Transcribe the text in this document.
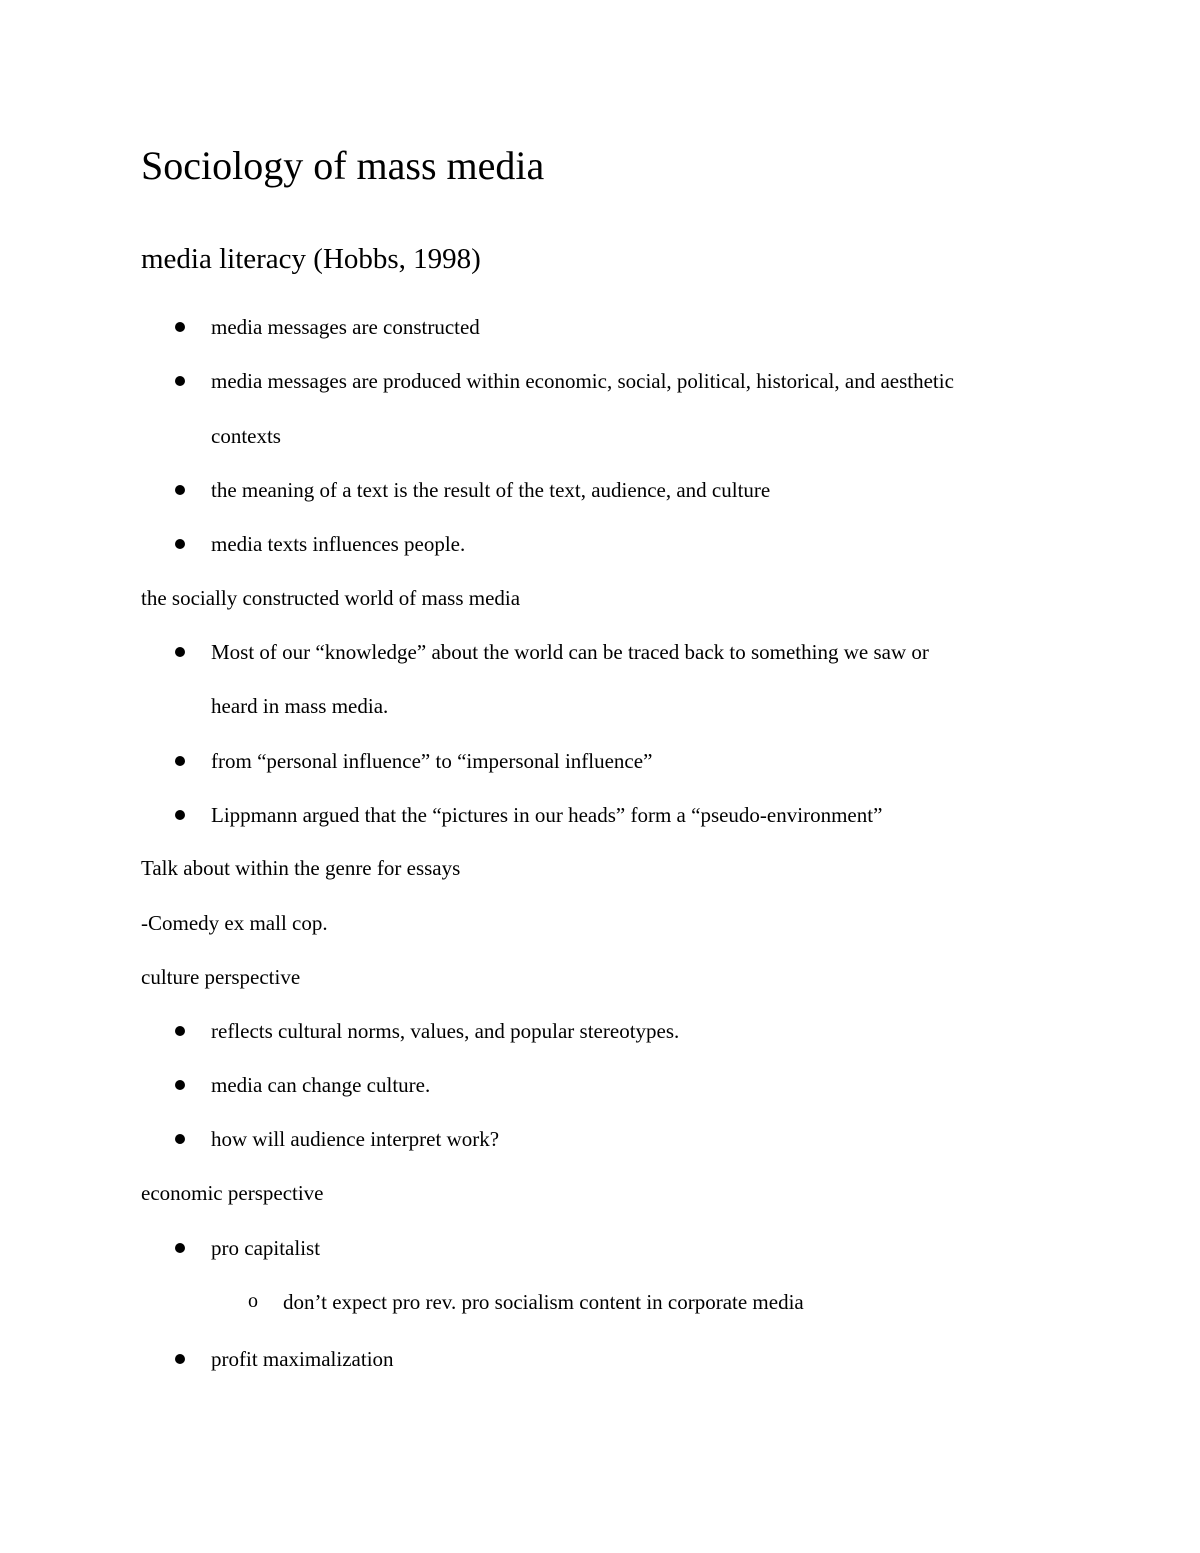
Sociology of mass media
media literacy (Hobbs, 1998)
media messages are constructed
media messages are produced within economic, social, political, historical, and aesthetic
contexts
the meaning of a text is the result of the text, audience, and culture
media texts influences people.
the socially constructed world of mass media
Most of our “knowledge” about the world can be traced back to something we saw or
heard in mass media.
from “personal influence” to “impersonal influence”
Lippmann argued that the “pictures in our heads” form a “pseudo-environment”
Talk about within the genre for essays
-Comedy ex mall cop.
culture perspective
reflects cultural norms, values, and popular stereotypes.
media can change culture.
how will audience interpret work?
economic perspective
pro capitalist
o don’t expect pro rev. pro socialism content in corporate media
profit maximalization
